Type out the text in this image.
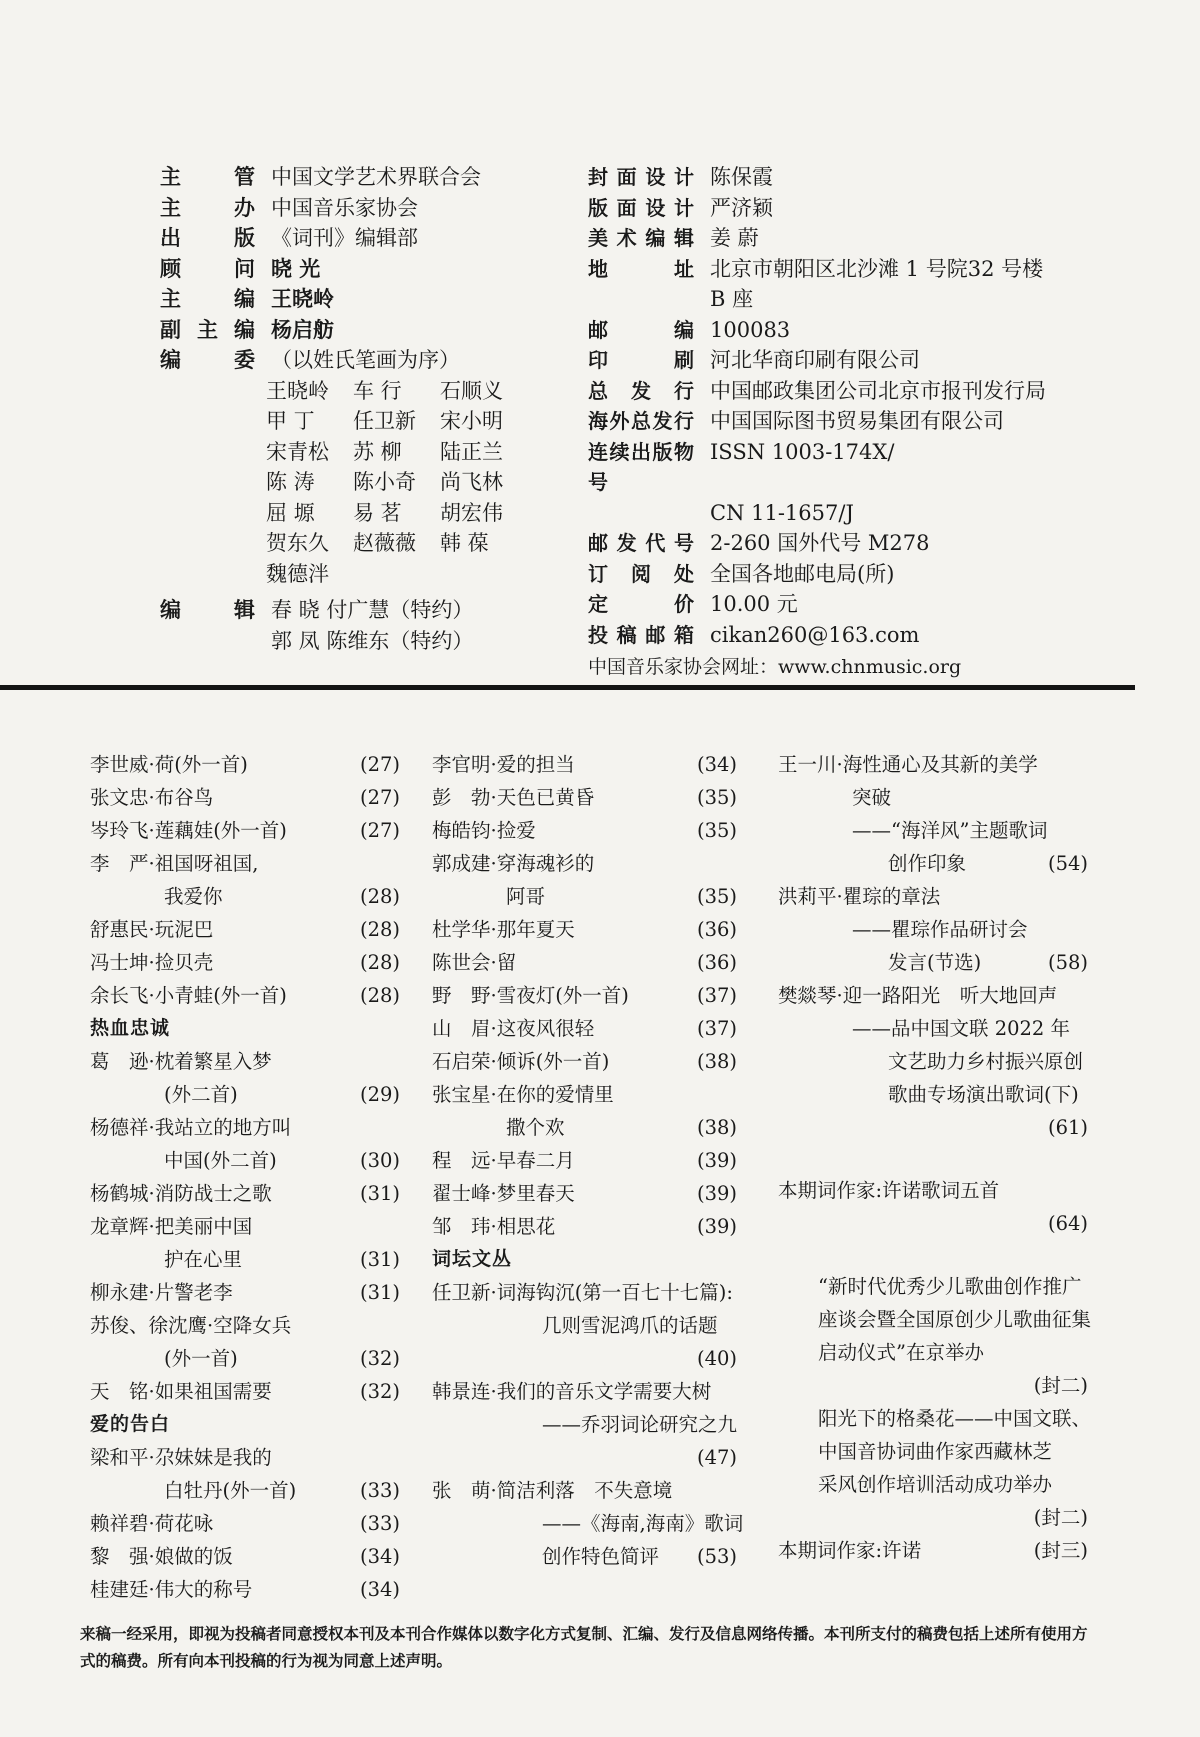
主管 中国文学艺术界联合会
主办 中国音乐家协会
出版 《词刊》编辑部
顾问 晓 光
主编 王晓岭
副主编 杨启舫
编委 （以姓氏笔画为序）
王晓岭	车 行	石顺义
甲 丁	任卫新	宋小明
宋青松	苏 柳	陆正兰
陈 涛	陈小奇	尚飞林
屈 塬	易 茗	胡宏伟
贺东久	赵薇薇	韩 葆
魏德泮
编辑 春 晓 付广慧（特约）
郭 凤 陈维东（特约）
封面设计 陈保霞
版面设计 严济颖
美术编辑 姜 蔚
地址 北京市朝阳区北沙滩 1 号院32 号楼
B 座
邮编 100083
印刷 河北华商印刷有限公司
总发行 中国邮政集团公司北京市报刊发行局
海外总发行 中国国际图书贸易集团有限公司
连续出版物号
ISSN 1003-174X/
CN 11-1657/J
邮发代号 2-260 国外代号 M278
订阅处 全国各地邮电局(所)
定价 10.00 元
投稿邮箱 cikan260@163.com
中国音乐家协会网址：www.chnmusic.org
李世威·荷(外一首)	(27)
张文忠·布谷鸟	(27)
岑玲飞·莲藕娃(外一首)	(27)
李　严·祖国呀祖国,
我爱你	(28)
舒惠民·玩泥巴	(28)
冯士坤·捡贝壳	(28)
余长飞·小青蛙(外一首)	(28)
热血忠诚
葛　逊·枕着繁星入梦
(外二首)	(29)
杨德祥·我站立的地方叫
中国(外二首)	(30)
杨鹤城·消防战士之歌	(31)
龙章辉·把美丽中国
护在心里	(31)
柳永建·片警老李	(31)
苏俊、徐沈鹰·空降女兵
(外一首)	(32)
天　铭·如果祖国需要	(32)
爱的告白
梁和平·尕妹妹是我的
白牡丹(外一首)	(33)
赖祥碧·荷花咏	(33)
黎　强·娘做的饭	(34)
桂建廷·伟大的称号	(34)
李官明·爱的担当	(34)
彭　勃·天色已黄昏	(35)
梅皓钧·捡爱	(35)
郭成建·穿海魂衫的
阿哥	(35)
杜学华·那年夏天	(36)
陈世会·留	(36)
野　野·雪夜灯(外一首)	(37)
山　眉·这夜风很轻	(37)
石启荣·倾诉(外一首)	(38)
张宝星·在你的爱情里
撒个欢	(38)
程　远·早春二月	(39)
翟士峰·梦里春天	(39)
邹　玮·相思花	(39)
词坛文丛
任卫新·词海钩沉(第一百七十七篇):
几则雪泥鸿爪的话题
(40)
韩景连·我们的音乐文学需要大树
——乔羽词论研究之九
(47)
张　萌·简洁利落　不失意境
——《海南,海南》歌词
创作特色简评 (53)
王一川·海性通心及其新的美学
突破
——“海洋风”主题歌词
创作印象	(54)
洪莉平·瞿琮的章法
——瞿琮作品研讨会
发言(节选)	(58)
樊燚琴·迎一路阳光　听大地回声
——品中国文联 2022 年
文艺助力乡村振兴原创
歌曲专场演出歌词(下)
(61)
本期词作家:许诺歌词五首
(64)
“新时代优秀少儿歌曲创作推广
座谈会暨全国原创少儿歌曲征集
启动仪式”在京举办
(封二)
阳光下的格桑花——中国文联、
中国音协词曲作家西藏林芝
采风创作培训活动成功举办
(封二)
本期词作家:许诺	(封三)
来稿一经采用，即视为投稿者同意授权本刊及本刊合作媒体以数字化方式复制、汇编、发行及信息网络传播。本刊所支付的稿费包括上述所有使用方式的稿费。所有向本刊投稿的行为视为同意上述声明。
